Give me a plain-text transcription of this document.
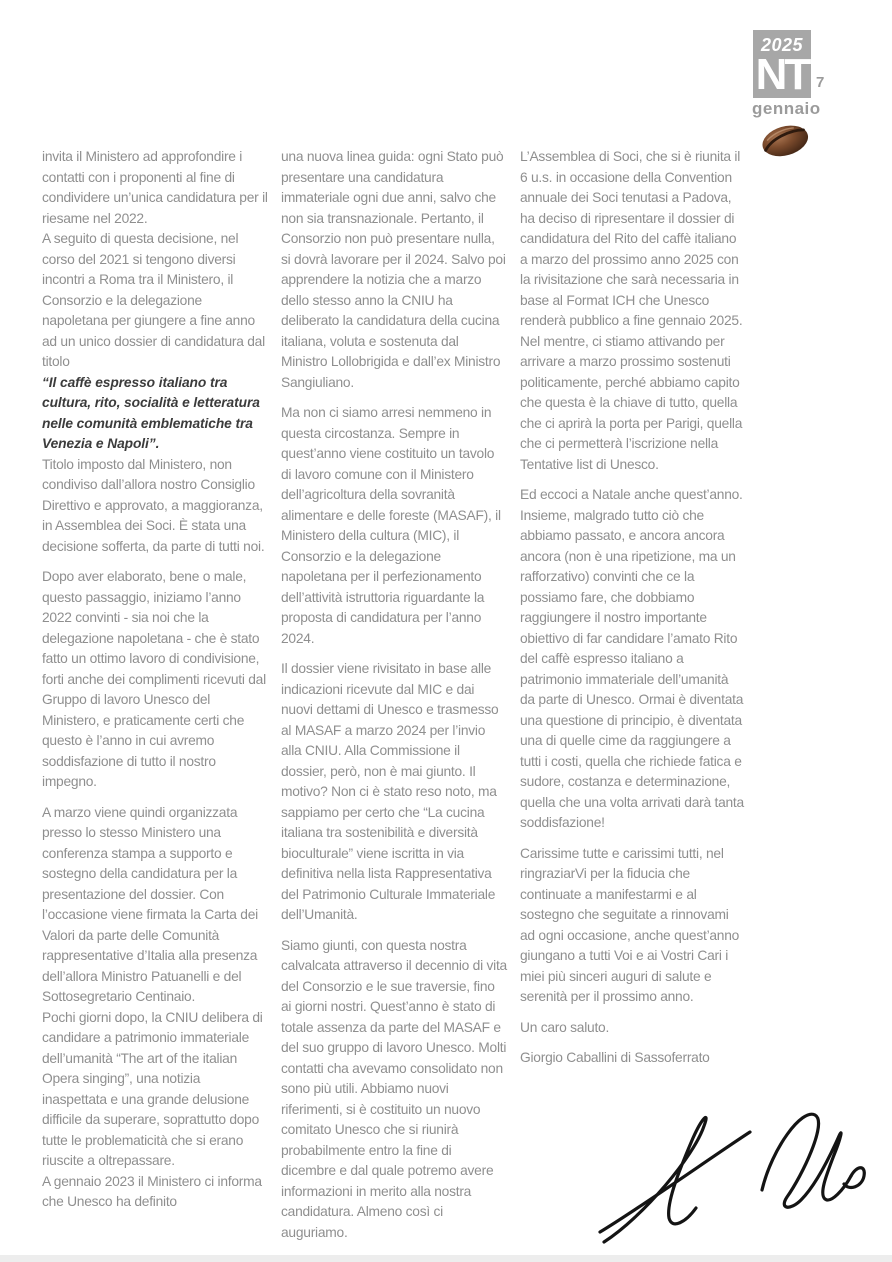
2025
NT 7
gennaio

invita il Ministero ad approfondire i contatti con i proponenti al fine di condividere un’unica candidatura per il riesame nel 2022.

A seguito di questa decisione, nel corso del 2021 si tengono diversi incontri a Roma tra il Ministero, il Consorzio e la delegazione napoletana per giungere a fine anno ad un unico dossier di candidatura dal titolo

“Il caffè espresso italiano tra cultura, rito, socialità e letteratura nelle comunità emblematiche tra Venezia e Napoli”.

Titolo imposto dal Ministero, non condiviso dall’allora nostro Consiglio Direttivo e approvato, a maggioranza, in Assemblea dei Soci. È stata una decisione sofferta, da parte di tutti noi.

Dopo aver elaborato, bene o male, questo passaggio, iniziamo l’anno 2022 convinti - sia noi che la delegazione napoletana - che è stato fatto un ottimo lavoro di condivisione, forti anche dei complimenti ricevuti dal Gruppo di lavoro Unesco del Ministero, e praticamente certi che questo è l’anno in cui avremo soddisfazione di tutto il nostro impegno.

A marzo viene quindi organizzata presso lo stesso Ministero una conferenza stampa a supporto e sostegno della candidatura per la presentazione del dossier. Con l’occasione viene firmata la Carta dei Valori da parte delle Comunità rappresentative d’Italia alla presenza dell’allora Ministro Patuanelli e del Sottosegretario Centinaio.

Pochi giorni dopo, la CNIU delibera di candidare a patrimonio immateriale dell’umanità “The art of the italian Opera singing”, una notizia inaspettata e una grande delusione difficile da superare, soprattutto dopo tutte le problematicità che si erano riuscite a oltrepassare.

A gennaio 2023 il Ministero ci informa che Unesco ha definito

una nuova linea guida: ogni Stato può presentare una candidatura immateriale ogni due anni, salvo che non sia transnazionale. Pertanto, il Consorzio non può presentare nulla, si dovrà lavorare per il 2024. Salvo poi apprendere la notizia che a marzo dello stesso anno la CNIU ha deliberato la candidatura della cucina italiana, voluta e sostenuta dal Ministro Lollobrigida e dall’ex Ministro Sangiuliano.

Ma non ci siamo arresi nemmeno in questa circostanza. Sempre in quest’anno viene costituito un tavolo di lavoro comune con il Ministero dell’agricoltura della sovranità alimentare e delle foreste (MASAF), il Ministero della cultura (MIC), il Consorzio e la delegazione napoletana per il perfezionamento dell’attività istruttoria riguardante la proposta di candidatura per l’anno 2024.

Il dossier viene rivisitato in base alle indicazioni ricevute dal MIC e dai nuovi dettami di Unesco e trasmesso al MASAF a marzo 2024 per l’invio alla CNIU. Alla Commissione il dossier, però, non è mai giunto. Il motivo? Non ci è stato reso noto, ma sappiamo per certo che “La cucina italiana tra sostenibilità e diversità bioculturale” viene iscritta in via definitiva nella lista Rappresentativa del Patrimonio Culturale Immateriale dell’Umanità.

Siamo giunti, con questa nostra calvalcata attraverso il decennio di vita del Consorzio e le sue traversie, fino ai giorni nostri. Quest’anno è stato di totale assenza da parte del MASAF e del suo gruppo di lavoro Unesco. Molti contatti cha avevamo consolidato non sono più utili. Abbiamo nuovi riferimenti, si è costituito un nuovo comitato Unesco che si riunirà probabilmente entro la fine di dicembre e dal quale potremo avere informazioni in merito alla nostra candidatura. Almeno così ci auguriamo.

L’Assemblea di Soci, che si è riunita il 6 u.s. in occasione della Convention annuale dei Soci tenutasi a Padova, ha deciso di ripresentare il dossier di candidatura del Rito del caffè italiano a marzo del prossimo anno 2025 con la rivisitazione che sarà necessaria in base al Format ICH che Unesco renderà pubblico a fine gennaio 2025. Nel mentre, ci stiamo attivando per arrivare a marzo prossimo sostenuti politicamente, perché abbiamo capito che questa è la chiave di tutto, quella che ci aprirà la porta per Parigi, quella che ci permetterà l’iscrizione nella Tentative list di Unesco.

Ed eccoci a Natale anche quest’anno. Insieme, malgrado tutto ciò che abbiamo passato, e ancora ancora ancora (non è una ripetizione, ma un rafforzativo) convinti che ce la possiamo fare, che dobbiamo raggiungere il nostro importante obiettivo di far candidare l’amato Rito del caffè espresso italiano a patrimonio immateriale dell’umanità da parte di Unesco. Ormai è diventata una questione di principio, è diventata una di quelle cime da raggiungere a tutti i costi, quella che richiede fatica e sudore, costanza e determinazione, quella che una volta arrivati darà tanta soddisfazione!

Carissime tutte e carissimi tutti, nel ringraziarVi per la fiducia che continuate a manifestarmi e al sostegno che seguitate a rinnovami ad ogni occasione, anche quest’anno giungano a tutti Voi e ai Vostri Cari i miei più sinceri auguri di salute e serenità per il prossimo anno.

Un caro saluto.

Giorgio Caballini di Sassoferrato
